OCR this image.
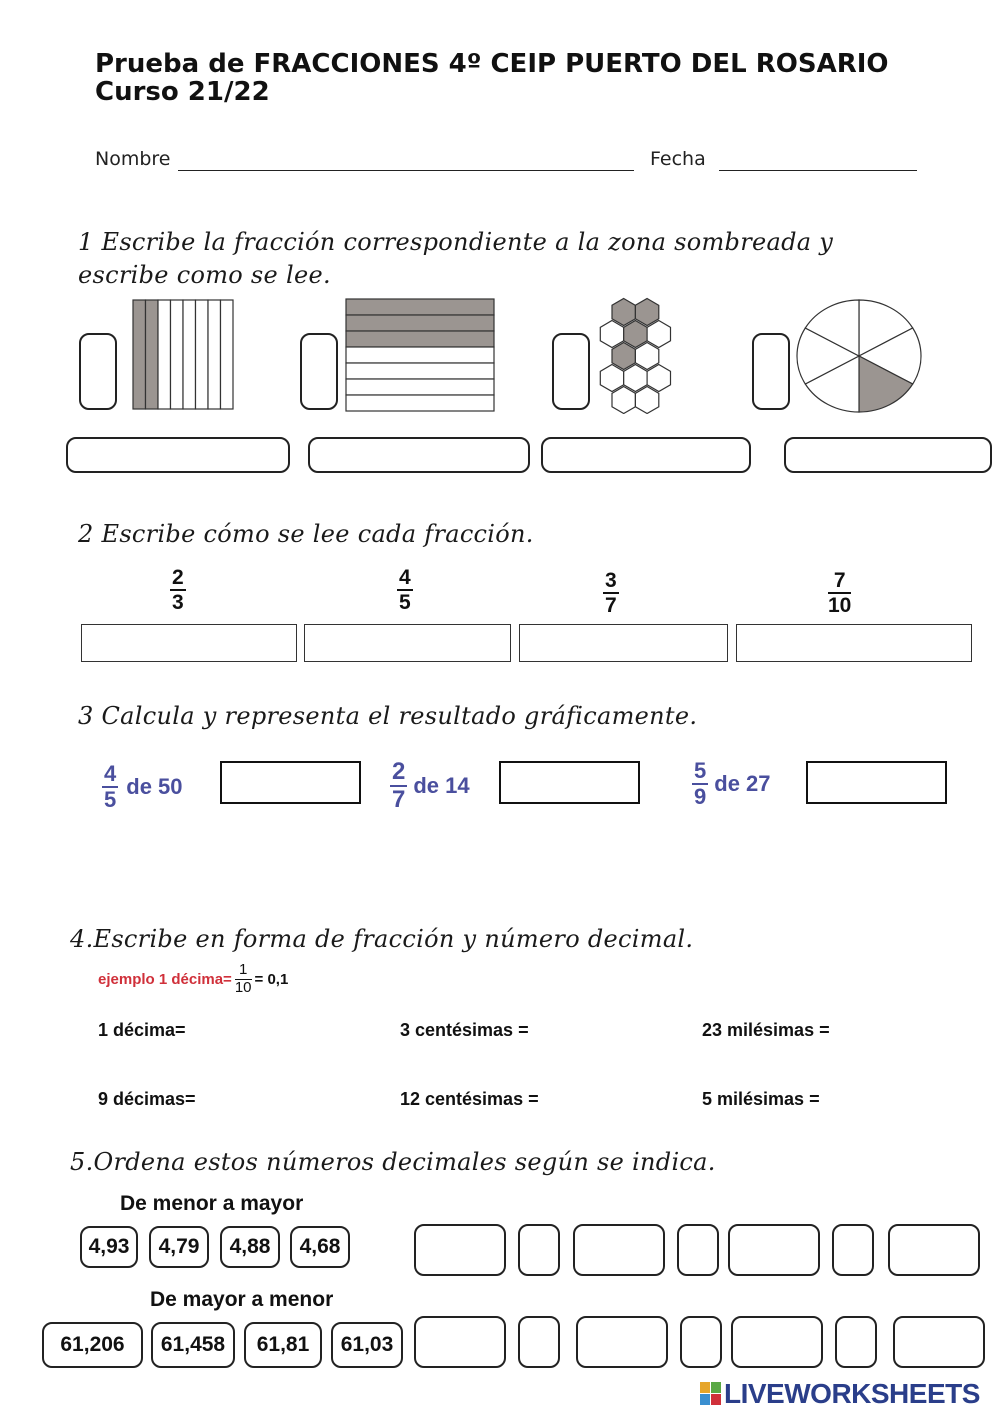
Prueba de FRACCIONES 4º CEIP PUERTO DEL ROSARIO
Curso 21/22
Nombre	Fecha
1 Escribe la fracción correspondiente a la zona sombreada y
escribe como se lee.
2 Escribe cómo se lee cada fracción.
$\frac{2}{3}$	$\frac{4}{5}$	$\frac{3}{7}$	$\frac{7}{10}$
3 Calcula y representa el resultado gráficamente.
$\frac{4}{5}$ de 50	$\frac{2}{7}$ de 14	$\frac{5}{9}$ de 27
4.Escribe en forma de fracción y número decimal.
ejemplo 1 décima= $\frac{1}{10} = 0,1$
1 décima=	3 centésimas =	23 milésimas =
9 décimas=	12 centésimas =	5 milésimas =
5.Ordena estos números decimales según se indica.
De menor a mayor
4,93	4,79	4,88	4,68
De mayor a menor
61,206	61,458	61,81	61,03
LIVEWORKSHEETS
